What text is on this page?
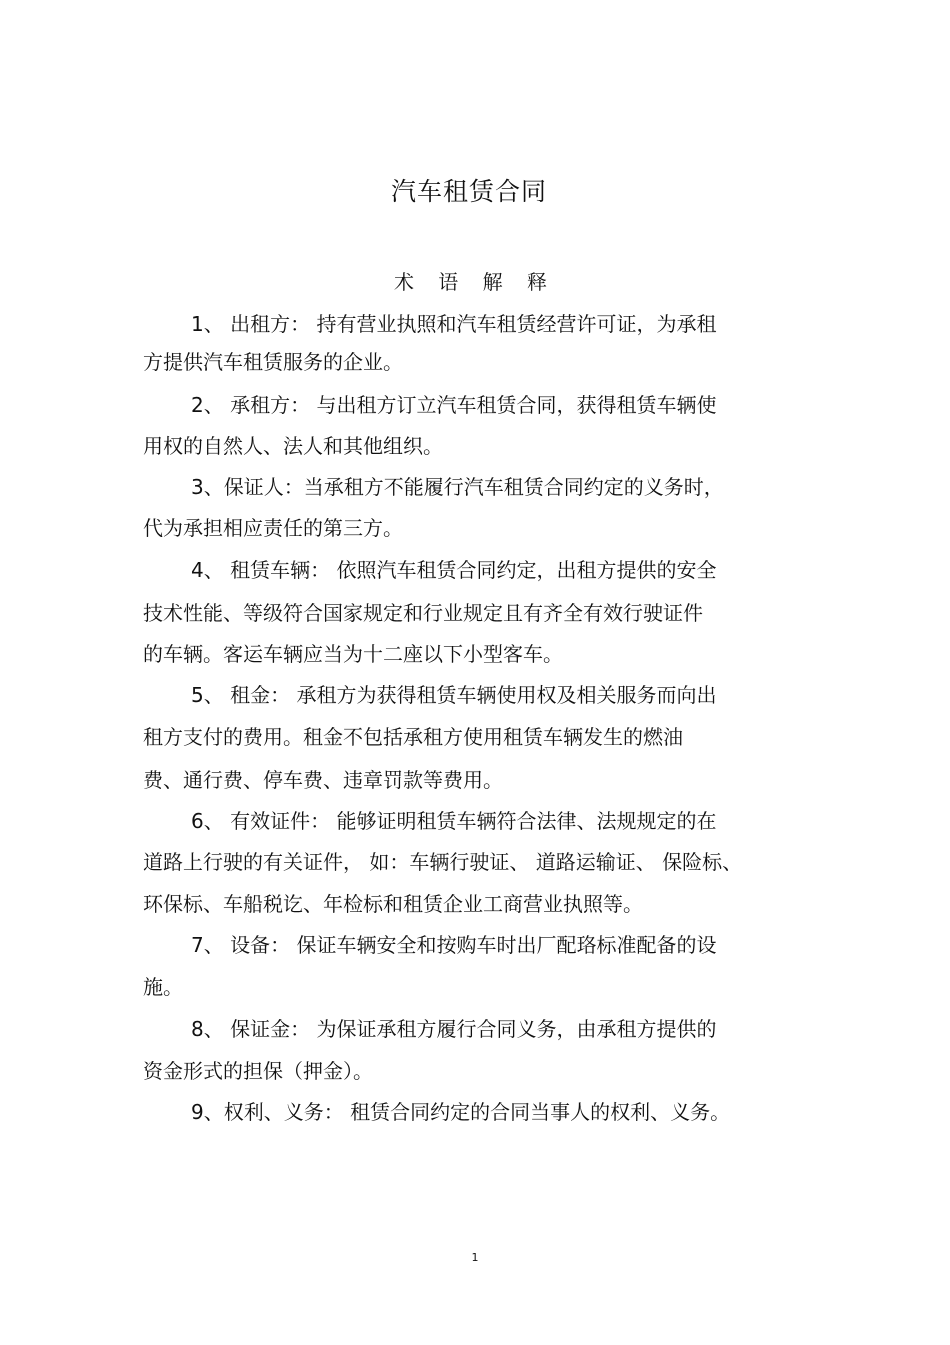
汽车租赁合同
术 语 解 释
1、 出租方： 持有营业执照和汽车租赁经营许可证，为承租
方提供汽车租赁服务的企业。
2、 承租方： 与出租方订立汽车租赁合同，获得租赁车辆使
用权的自然人、法人和其他组织。
3、保证人：当承租方不能履行汽车租赁合同约定的义务时，
代为承担相应责任的第三方。
4、 租赁车辆： 依照汽车租赁合同约定，出租方提供的安全
技术性能、等级符合国家规定和行业规定且有齐全有效行驶证件
的车辆。客运车辆应当为十二座以下小型客车。
5、 租金： 承租方为获得租赁车辆使用权及相关服务而向出
租方支付的费用。租金不包括承租方使用租赁车辆发生的燃油
费、通行费、停车费、违章罚款等费用。
6、 有效证件： 能够证明租赁车辆符合法律、法规规定的在
道路上行驶的有关证件， 如：车辆行驶证、 道路运输证、 保险标、
环保标、车船税讫、年检标和租赁企业工商营业执照等。
7、 设备： 保证车辆安全和按购车时出厂配珞标准配备的设
施。
8、 保证金： 为保证承租方履行合同义务，由承租方提供的
资金形式的担保（押金）。
9、权利、义务： 租赁合同约定的合同当事人的权利、义务。
1
